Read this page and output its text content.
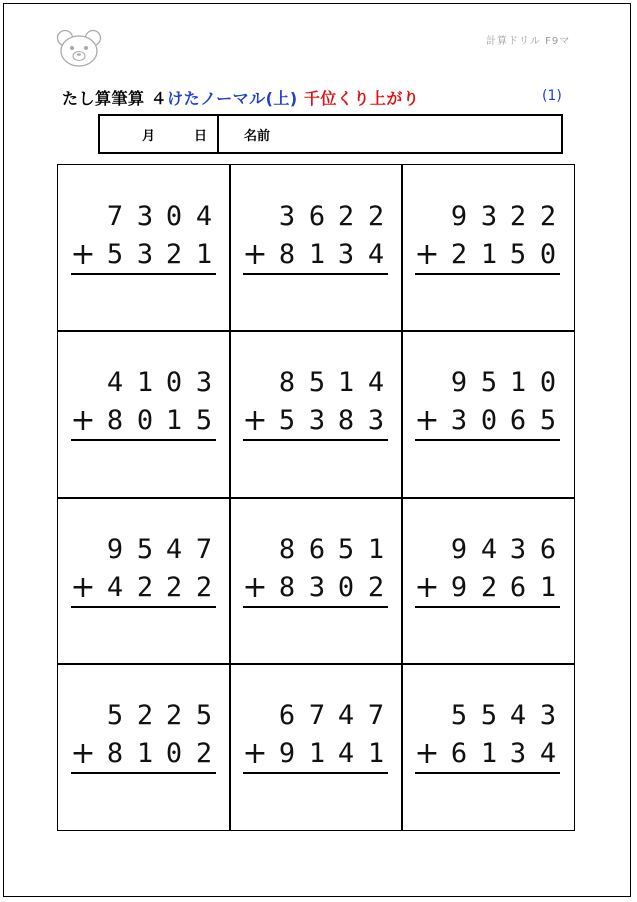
計算ドリル F9マ
たし算筆算 ４けたノーマル(上) 千位くり上がり	(1)
月	日	名前
7 3 0 4
+ 5 3 2 1
3 6 2 2
+ 8 1 3 4
9 3 2 2
+ 2 1 5 0
4 1 0 3
+ 8 0 1 5
8 5 1 4
+ 5 3 8 3
9 5 1 0
+ 3 0 6 5
9 5 4 7
+ 4 2 2 2
8 6 5 1
+ 8 3 0 2
9 4 3 6
+ 9 2 6 1
5 2 2 5
+ 8 1 0 2
6 7 4 7
+ 9 1 4 1
5 5 4 3
+ 6 1 3 4
